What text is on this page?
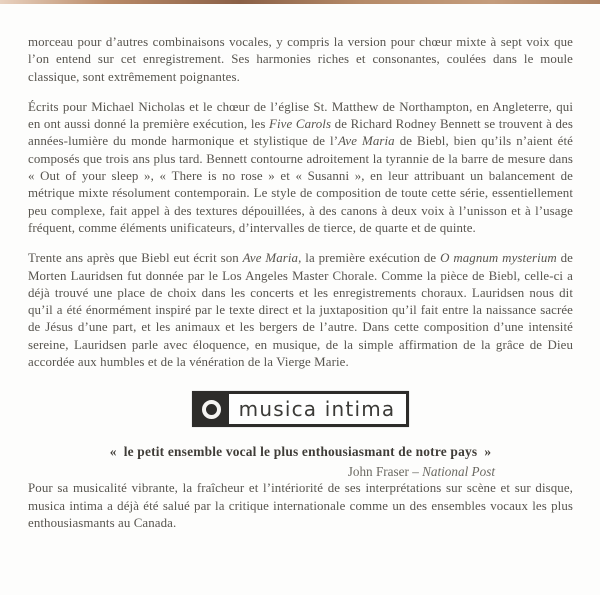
morceau pour d’autres combinaisons vocales, y compris la version pour chœur mixte à sept voix que l’on entend sur cet enregistrement. Ses harmonies riches et consonantes, coulées dans le moule classique, sont extrêmement poignantes.

Écrits pour Michael Nicholas et le chœur de l’église St. Matthew de Northampton, en Angleterre, qui en ont aussi donné la première exécution, les Five Carols de Richard Rodney Bennett se trouvent à des années-lumière du monde harmonique et stylistique de l’Ave Maria de Biebl, bien qu’ils n’aient été composés que trois ans plus tard. Bennett contourne adroitement la tyrannie de la barre de mesure dans « Out of your sleep », « There is no rose » et « Susanni », en leur attribuant un balancement de métrique mixte résolument contemporain. Le style de composition de toute cette série, essentiellement peu complexe, fait appel à des textures dépouillées, à des canons à deux voix à l’unisson et à l’usage fréquent, comme éléments unificateurs, d’intervalles de tierce, de quarte et de quinte.

Trente ans après que Biebl eut écrit son Ave Maria, la première exécution de O magnum mysterium de Morten Lauridsen fut donnée par le Los Angeles Master Chorale. Comme la pièce de Biebl, celle-ci a déjà trouvé une place de choix dans les concerts et les enregistrements choraux. Lauridsen nous dit qu’il a été énormément inspiré par le texte direct et la juxtaposition qu’il fait entre la naissance sacrée de Jésus d’une part, et les animaux et les bergers de l’autre. Dans cette composition d’une intensité sereine, Lauridsen parle avec éloquence, en musique, de la simple affirmation de la grâce de Dieu accordée aux humbles et de la vénération de la Vierge Marie.

musica intima
«  le petit ensemble vocal le plus enthousiasmant de notre pays  »
John Fraser – National Post

Pour sa musicalité vibrante, la fraîcheur et l’intériorité de ses interprétations sur scène et sur disque, musica intima a déjà été salué par la critique internationale comme un des ensembles vocaux les plus enthousiasmants au Canada.
